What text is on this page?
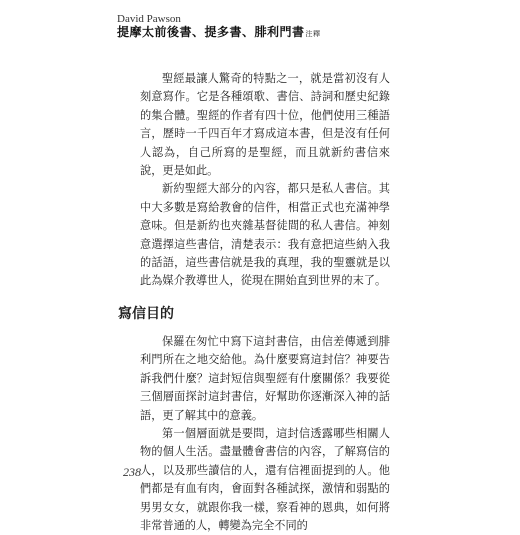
David Pawson
提摩太前後書、提多書、腓利門書注釋

聖經最讓人驚奇的特點之一，就是當初沒有人刻意寫作。它是各種頌歌、書信、詩詞和歷史紀錄的集合體。聖經的作者有四十位，他們使用三種語言，歷時一千四百年才寫成這本書，但是沒有任何人認為，自己所寫的是聖經，而且就新約書信來說，更是如此。

新約聖經大部分的內容，都只是私人書信。其中大多數是寫給教會的信件，相當正式也充滿神學意味。但是新約也夾雜基督徒間的私人書信。神刻意選擇這些書信，清楚表示：我有意把這些納入我的話語，這些書信就是我的真理，我的聖靈就是以此為媒介教導世人，從現在開始直到世界的末了。

寫信目的

保羅在匆忙中寫下這封書信，由信差傳遞到腓利門所在之地交給他。為什麼要寫這封信？神要告訴我們什麼？這封短信與聖經有什麼關係？我要從三個層面探討這封書信，好幫助你逐漸深入神的話語，更了解其中的意義。

第一個層面就是要問，這封信透露哪些相關人物的個人生活。盡量體會書信的內容，了解寫信的人，以及那些讀信的人，還有信裡面提到的人。他們都是有血有肉，會面對各種試探，激情和弱點的男男女女，就跟你我一樣，察看神的恩典，如何將非常普通的人，轉變為完全不同的

238
